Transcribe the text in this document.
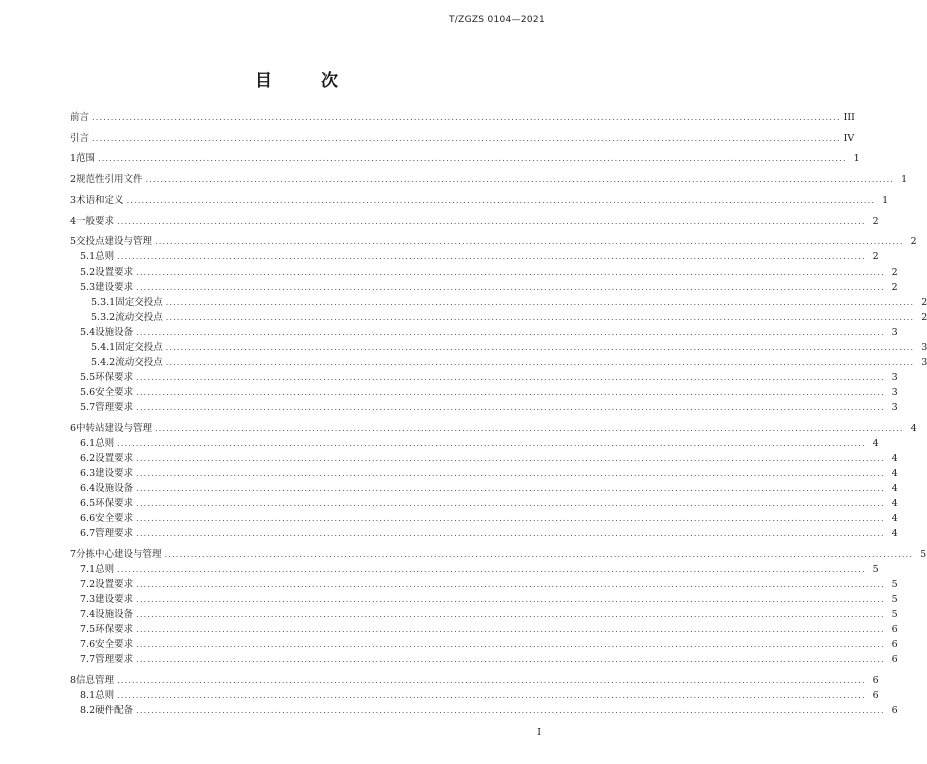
T/ZGZS 0104—2021
目　次
前言 ........................................................................................................................................................................................................ III
引言 ........................................................................................................................................................................................................ IV
1 范围 ........................................................................................................................................................................................................ 1
2 规范性引用文件 ........................................................................................................................................................................................................ 1
3 术语和定义 ........................................................................................................................................................................................................ 1
4 一般要求 ........................................................................................................................................................................................................ 2
5 交投点建设与管理 ........................................................................................................................................................................................................ 2
5.1 总则 ........................................................................................................................................................................................................ 2
5.2 设置要求 ........................................................................................................................................................................................................ 2
5.3 建设要求 ........................................................................................................................................................................................................ 2
5.3.1 固定交投点 ........................................................................................................................................................................................................ 2
5.3.2 流动交投点 ........................................................................................................................................................................................................ 2
5.4 设施设备 ........................................................................................................................................................................................................ 3
5.4.1 固定交投点 ........................................................................................................................................................................................................ 3
5.4.2 流动交投点 ........................................................................................................................................................................................................ 3
5.5 环保要求 ........................................................................................................................................................................................................ 3
5.6 安全要求 ........................................................................................................................................................................................................ 3
5.7 管理要求 ........................................................................................................................................................................................................ 3
6 中转站建设与管理 ........................................................................................................................................................................................................ 4
6.1 总则 ........................................................................................................................................................................................................ 4
6.2 设置要求 ........................................................................................................................................................................................................ 4
6.3 建设要求 ........................................................................................................................................................................................................ 4
6.4 设施设备 ........................................................................................................................................................................................................ 4
6.5 环保要求 ........................................................................................................................................................................................................ 4
6.6 安全要求 ........................................................................................................................................................................................................ 4
6.7 管理要求 ........................................................................................................................................................................................................ 4
7 分拣中心建设与管理 ........................................................................................................................................................................................................ 5
7.1 总则 ........................................................................................................................................................................................................ 5
7.2 设置要求 ........................................................................................................................................................................................................ 5
7.3 建设要求 ........................................................................................................................................................................................................ 5
7.4 设施设备 ........................................................................................................................................................................................................ 5
7.5 环保要求 ........................................................................................................................................................................................................ 6
7.6 安全要求 ........................................................................................................................................................................................................ 6
7.7 管理要求 ........................................................................................................................................................................................................ 6
8 信息管理 ........................................................................................................................................................................................................ 6
8.1 总则 ........................................................................................................................................................................................................ 6
8.2 硬件配备 ........................................................................................................................................................................................................ 6
I
